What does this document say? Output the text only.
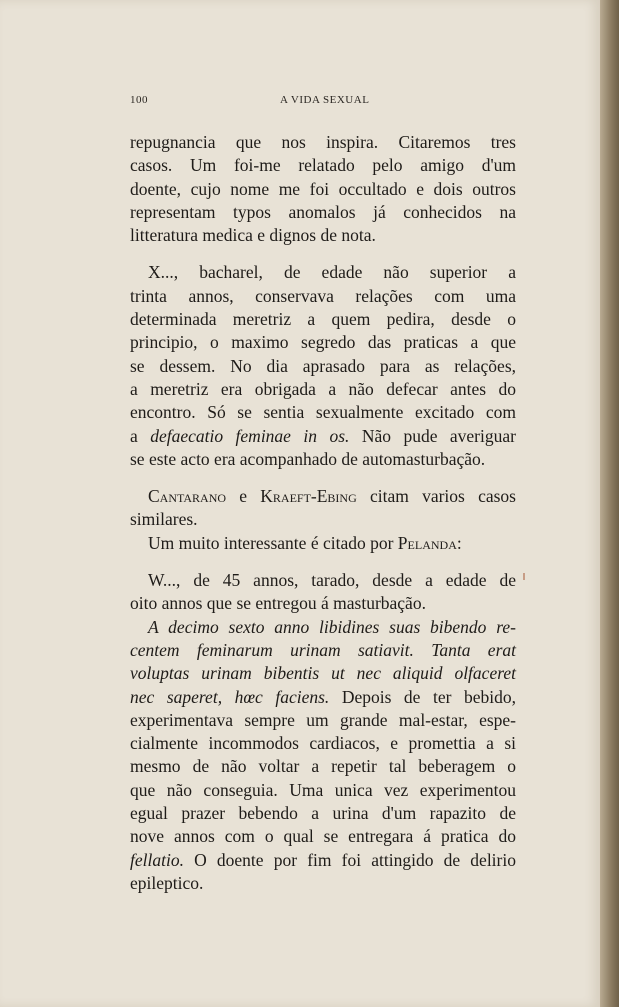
100	A VIDA SEXUAL
repugnancia que nos inspira. Citaremos tres
casos. Um foi-me relatado pelo amigo d'um
doente, cujo nome me foi occultado e dois outros
representam typos anomalos já conhecidos na
litteratura medica e dignos de nota.
X..., bacharel, de edade não superior a
trinta annos, conservava relações com uma
determinada meretriz a quem pedira, desde o
principio, o maximo segredo das praticas a que
se dessem. No dia aprasado para as relações,
a meretriz era obrigada a não defecar antes do
encontro. Só se sentia sexualmente excitado com
a defaecatio feminae in os. Não pude averiguar
se este acto era acompanhado de automasturbação.
Cantarano e Kraeft-Ebing citam varios casos
similares.
Um muito interessante é citado por Pelanda:
W..., de 45 annos, tarado, desde a edade de
oito annos que se entregou á masturbação.
A decimo sexto anno libidines suas bibendo re-
centem feminarum urinam satiavit. Tanta erat
voluptas urinam bibentis ut nec aliquid olfaceret
nec saperet, hœc faciens. Depois de ter bebido,
experimentava sempre um grande mal-estar, espe-
cialmente incommodos cardiacos, e promettia a si
mesmo de não voltar a repetir tal beberagem o
que não conseguia. Uma unica vez experimentou
egual prazer bebendo a urina d'um rapazito de
nove annos com o qual se entregara á pratica do
fellatio. O doente por fim foi attingido de delirio
epileptico.
